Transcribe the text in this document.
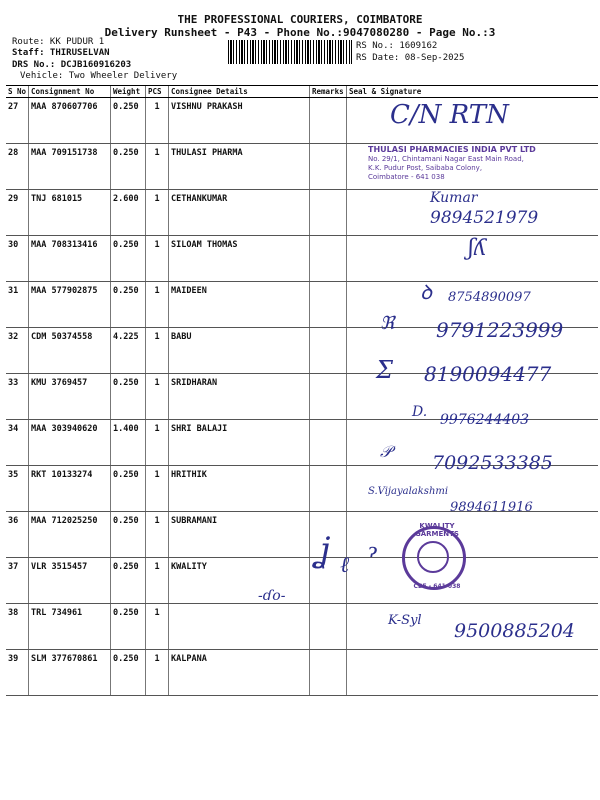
THE PROFESSIONAL COURIERS, COIMBATORE
Delivery Runsheet - P43 - Phone No.:9047080280 - Page No.:3
Route: KK PUDUR 1
Staff: THIRUSELVAN
DRS No.: DCJB160916203
Vehicle: Two Wheeler Delivery
RS No.: 1609162
RS Date: 08-Sep-2025
S No	Consignment No	Weight	PCS	Consignee Details	Remarks	Seal & Signature
27	MAA 870607706	0.250	1	VISHNU PRAKASH		
28	MAA 709151738	0.250	1	THULASI PHARMA		
29	TNJ 681015	2.600	1	CETHANKUMAR		
30	MAA 708313416	0.250	1	SILOAM THOMAS		
31	MAA 577902875	0.250	1	MAIDEEN		
32	CDM 50374558	4.225	1	BABU		
33	KMU 3769457	0.250	1	SRIDHARAN		
34	MAA 303940620	1.400	1	SHRI BALAJI		
35	RKT 10133274	0.250	1	HRITHIK		
36	MAA 712025250	0.250	1	SUBRAMANI		
37	VLR 3515457	0.250	1	KWALITY		
38	TRL 734961	0.250	1			
39	SLM 377670861	0.250	1	KALPANA		
C/N RTN
THULASI PHARMACIES INDIA PVT LTD
No. 29/1, Chintamani Nagar East Main Road,
K.K. Pudur Post, Saibaba Colony,
Coimbatore - 641 038
Kumar
9894521979
ʃʎ
ꝺ 8754890097
ℜ 9791223999
Σ 8190094477
D. 9976244403
𝒫
7092533385
S.Vijayalakshmi
9894611916
ʝ ℓ
ɂ
KWALITY GARMENTS
CBE - 641 038
-ɗo-
K-Syl 9500885204
